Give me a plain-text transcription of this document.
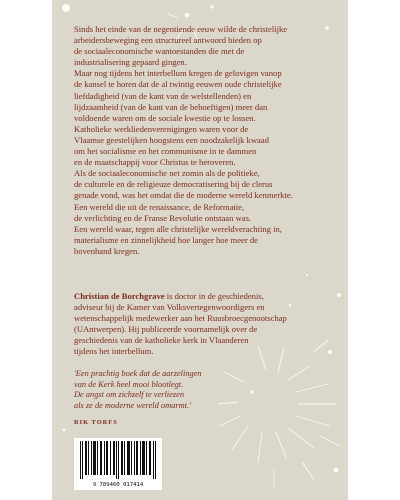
Sinds het einde van de negentiende eeuw wilde de christelijke
arbeidersbeweging een structureel antwoord bieden op
de sociaaleconomische wantoestanden die met de
industrialisering gepaard gingen.

Maar nog tijdens het interbellum kregen de gelovigen vanop
de kansel te horen dat de al twintig eeuwen oude christelijke
liefdadigheid (van de kant van de welstellenden) en
lijdzaamheid (van de kant van de behoeftigen) meer dan
voldoende waren om de sociale kwestie op te lossen.

Katholieke werkliedenverenigingen waren voor de
Vlaamse geestelijken hoogstens een noodzakelijk kwaad
om het socialisme en het communisme in te dammen
en de maatschappij voor Christus te heroveren.

Als de sociaaleconomische net zomin als de politieke,
de culturele en de religieuze democratisering bij de clerus
genade vond, was het omdat die de moderne wereld kenmerkte.

Een wereld die uit de renaissance, de Reformatie,
de verlichting en de Franse Revolutie ontstaan was.

Een wereld waar, tegen alle christelijke wereldverachting in,
materialisme en zinnelijkheid hoe langer hoe meer de
bovenhand kregen.

Christian de Borchgrave is doctor in de geschiedenis,
adviseur bij de Kamer van Volksvertegenwoordigers en
wetenschappelijk medewerker aan het Ruusbroecgenootschap
(UAntwerpen). Hij publiceerde voornamelijk over de
geschiedenis van de katholieke kerk in Vlaanderen
tijdens het interbellum.
'Een prachtig boek dat de aarzelingen
van de Kerk heel mooi blootlegt.
De angst om zichzelf te verliezen
als ze de moderne wereld omarmt.'
RIK TORFS
9 789460 017414
